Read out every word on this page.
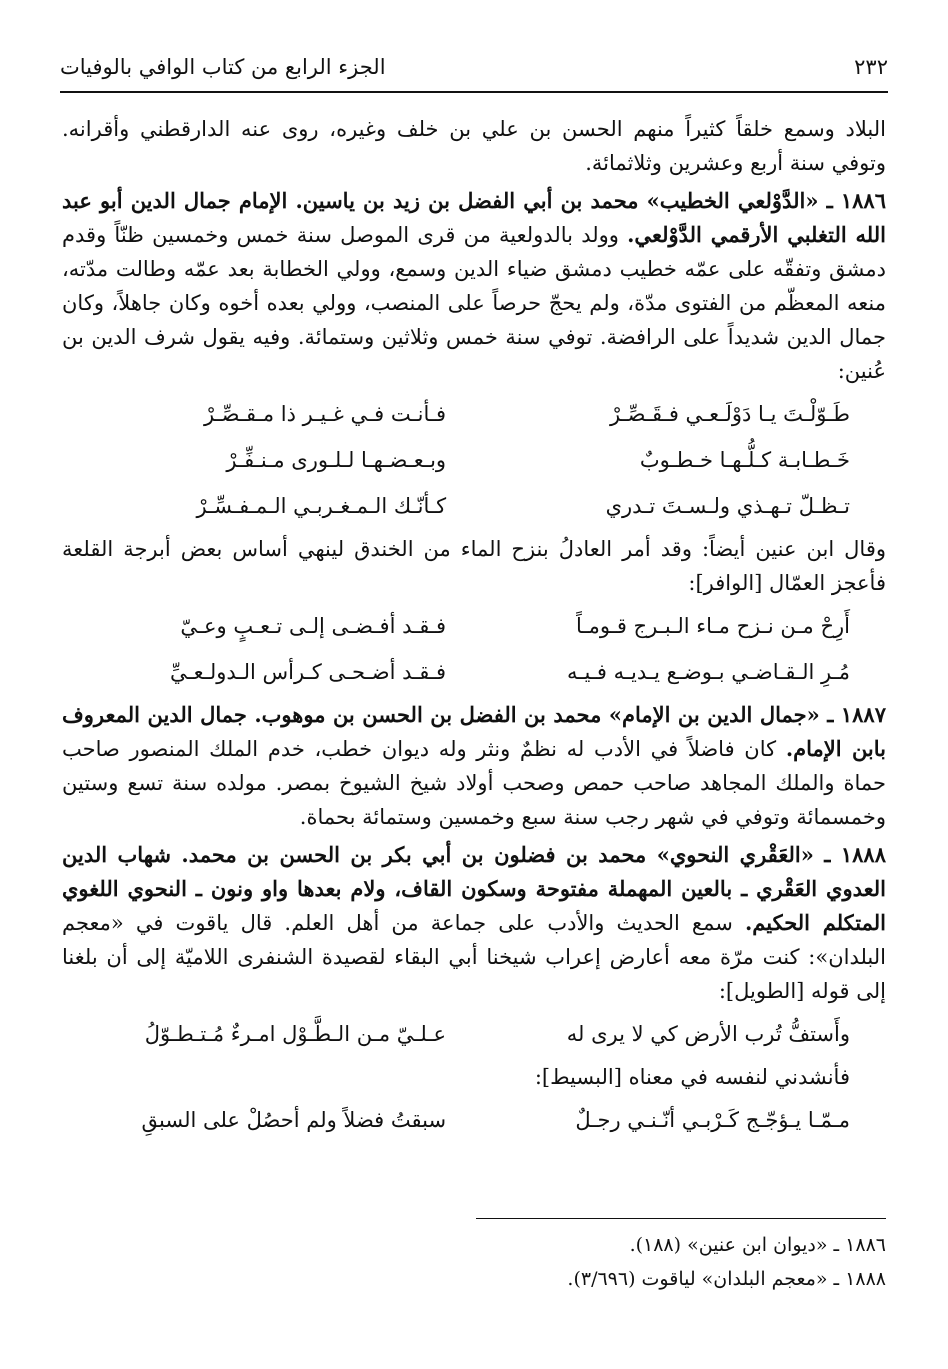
٢٣٢
الجزء الرابع من كتاب الوافي بالوفيات

البلاد وسمع خلقاً كثيراً منهم الحسن بن علي بن خلف وغيره، روى عنه الدارقطني وأقرانه. وتوفي سنة أربع وعشرين وثلاثمائة.

١٨٨٦ ـ «الدَّوْلعي الخطيب» محمد بن أبي الفضل بن زيد بن ياسين. الإمام جمال الدين أبو عبد الله التغلبي الأرقمي الدَّوْلعي. وولد بالدولعية من قرى الموصل سنة خمس وخمسين ظنّاً وقدم دمشق وتفقّه على عمّه خطيب دمشق ضياء الدين وسمع، وولي الخطابة بعد عمّه وطالت مدّته، منعه المعظّم من الفتوى مدّة، ولم يحجّ حرصاً على المنصب، وولي بعده أخوه وكان جاهلاً، وكان جمال الدين شديداً على الرافضة. توفي سنة خمس وثلاثين وستمائة. وفيه يقول شرف الدين بن عُنين:

طَـوّلْـتَ يـا دَوْلَـعـي فـقَـصِّـرْ
فـأنـت فـي غـيـر ذا مـقـصِّـرْ
خَـطـابـة كـلُّـهـا خـطـوبٌ
وبـعـضـهـا لـلـورى مـنـفِّـرْ
تـظـلّ تـهـذي ولـسـتَ تـدري
كـأنّـك الـمـغـربـي الـمـفـسِّـرْ

وقال ابن عنين أيضاً: وقد أمر العادلُ بنزح الماء من الخندق لينهي أساس بعض أبرجة القلعة فأعجز العمّال [الوافر]:

أَرِحْ مـن نـزح مـاء الـبـرج قـومـاً
فـقـد أفـضـى إلـى تـعـبٍ وعـيّ
مُـرِ الـقـاضـي بـوضـع يـديـه فـيـه
فـقـد أضـحـى كـرأس الـدولـعـيِّ

١٨٨٧ ـ «جمال الدين بن الإمام» محمد بن الفضل بن الحسن بن موهوب. جمال الدين المعروف بابن الإمام. كان فاضلاً في الأدب له نظمٌ ونثر وله ديوان خطب، خدم الملك المنصور صاحب حماة والملك المجاهد صاحب حمص وصحب أولاد شيخ الشيوخ بمصر. مولده سنة تسع وستين وخمسمائة وتوفي في شهر رجب سنة سبع وخمسين وستمائة بحماة.

١٨٨٨ ـ «العَقْري النحوي» محمد بن فضلون بن أبي بكر بن الحسن بن محمد. شهاب الدين العدوي العَقْري ـ بالعين المهملة مفتوحة وسكون القاف، ولام بعدها واو ونون ـ النحوي اللغوي المتكلم الحكيم. سمع الحديث والأدب على جماعة من أهل العلم. قال ياقوت في «معجم البلدان»: كنت مرّة معه أعارض إعراب شيخنا أبي البقاء لقصيدة الشنفرى اللاميّة إلى أن بلغنا إلى قوله [الطويل]:

وأَستفُّ تُرب الأرض كي لا يرى له
عـلـيّ مـن الـطَّـوْل امـرءٌ مُـتـطـوّلُ

فأنشدني لنفسه في معناه [البسيط]:

مـمّـا يـؤجّـج كَـرْبـي أنّـنـي رجـلٌ
سبقتُ فضلاً ولم أحصُلْ على السبقِ
١٨٨٦ ـ «ديوان ابن عنين» (١٨٨).
١٨٨٨ ـ «معجم البلدان» لياقوت (٣/٦٩٦).
